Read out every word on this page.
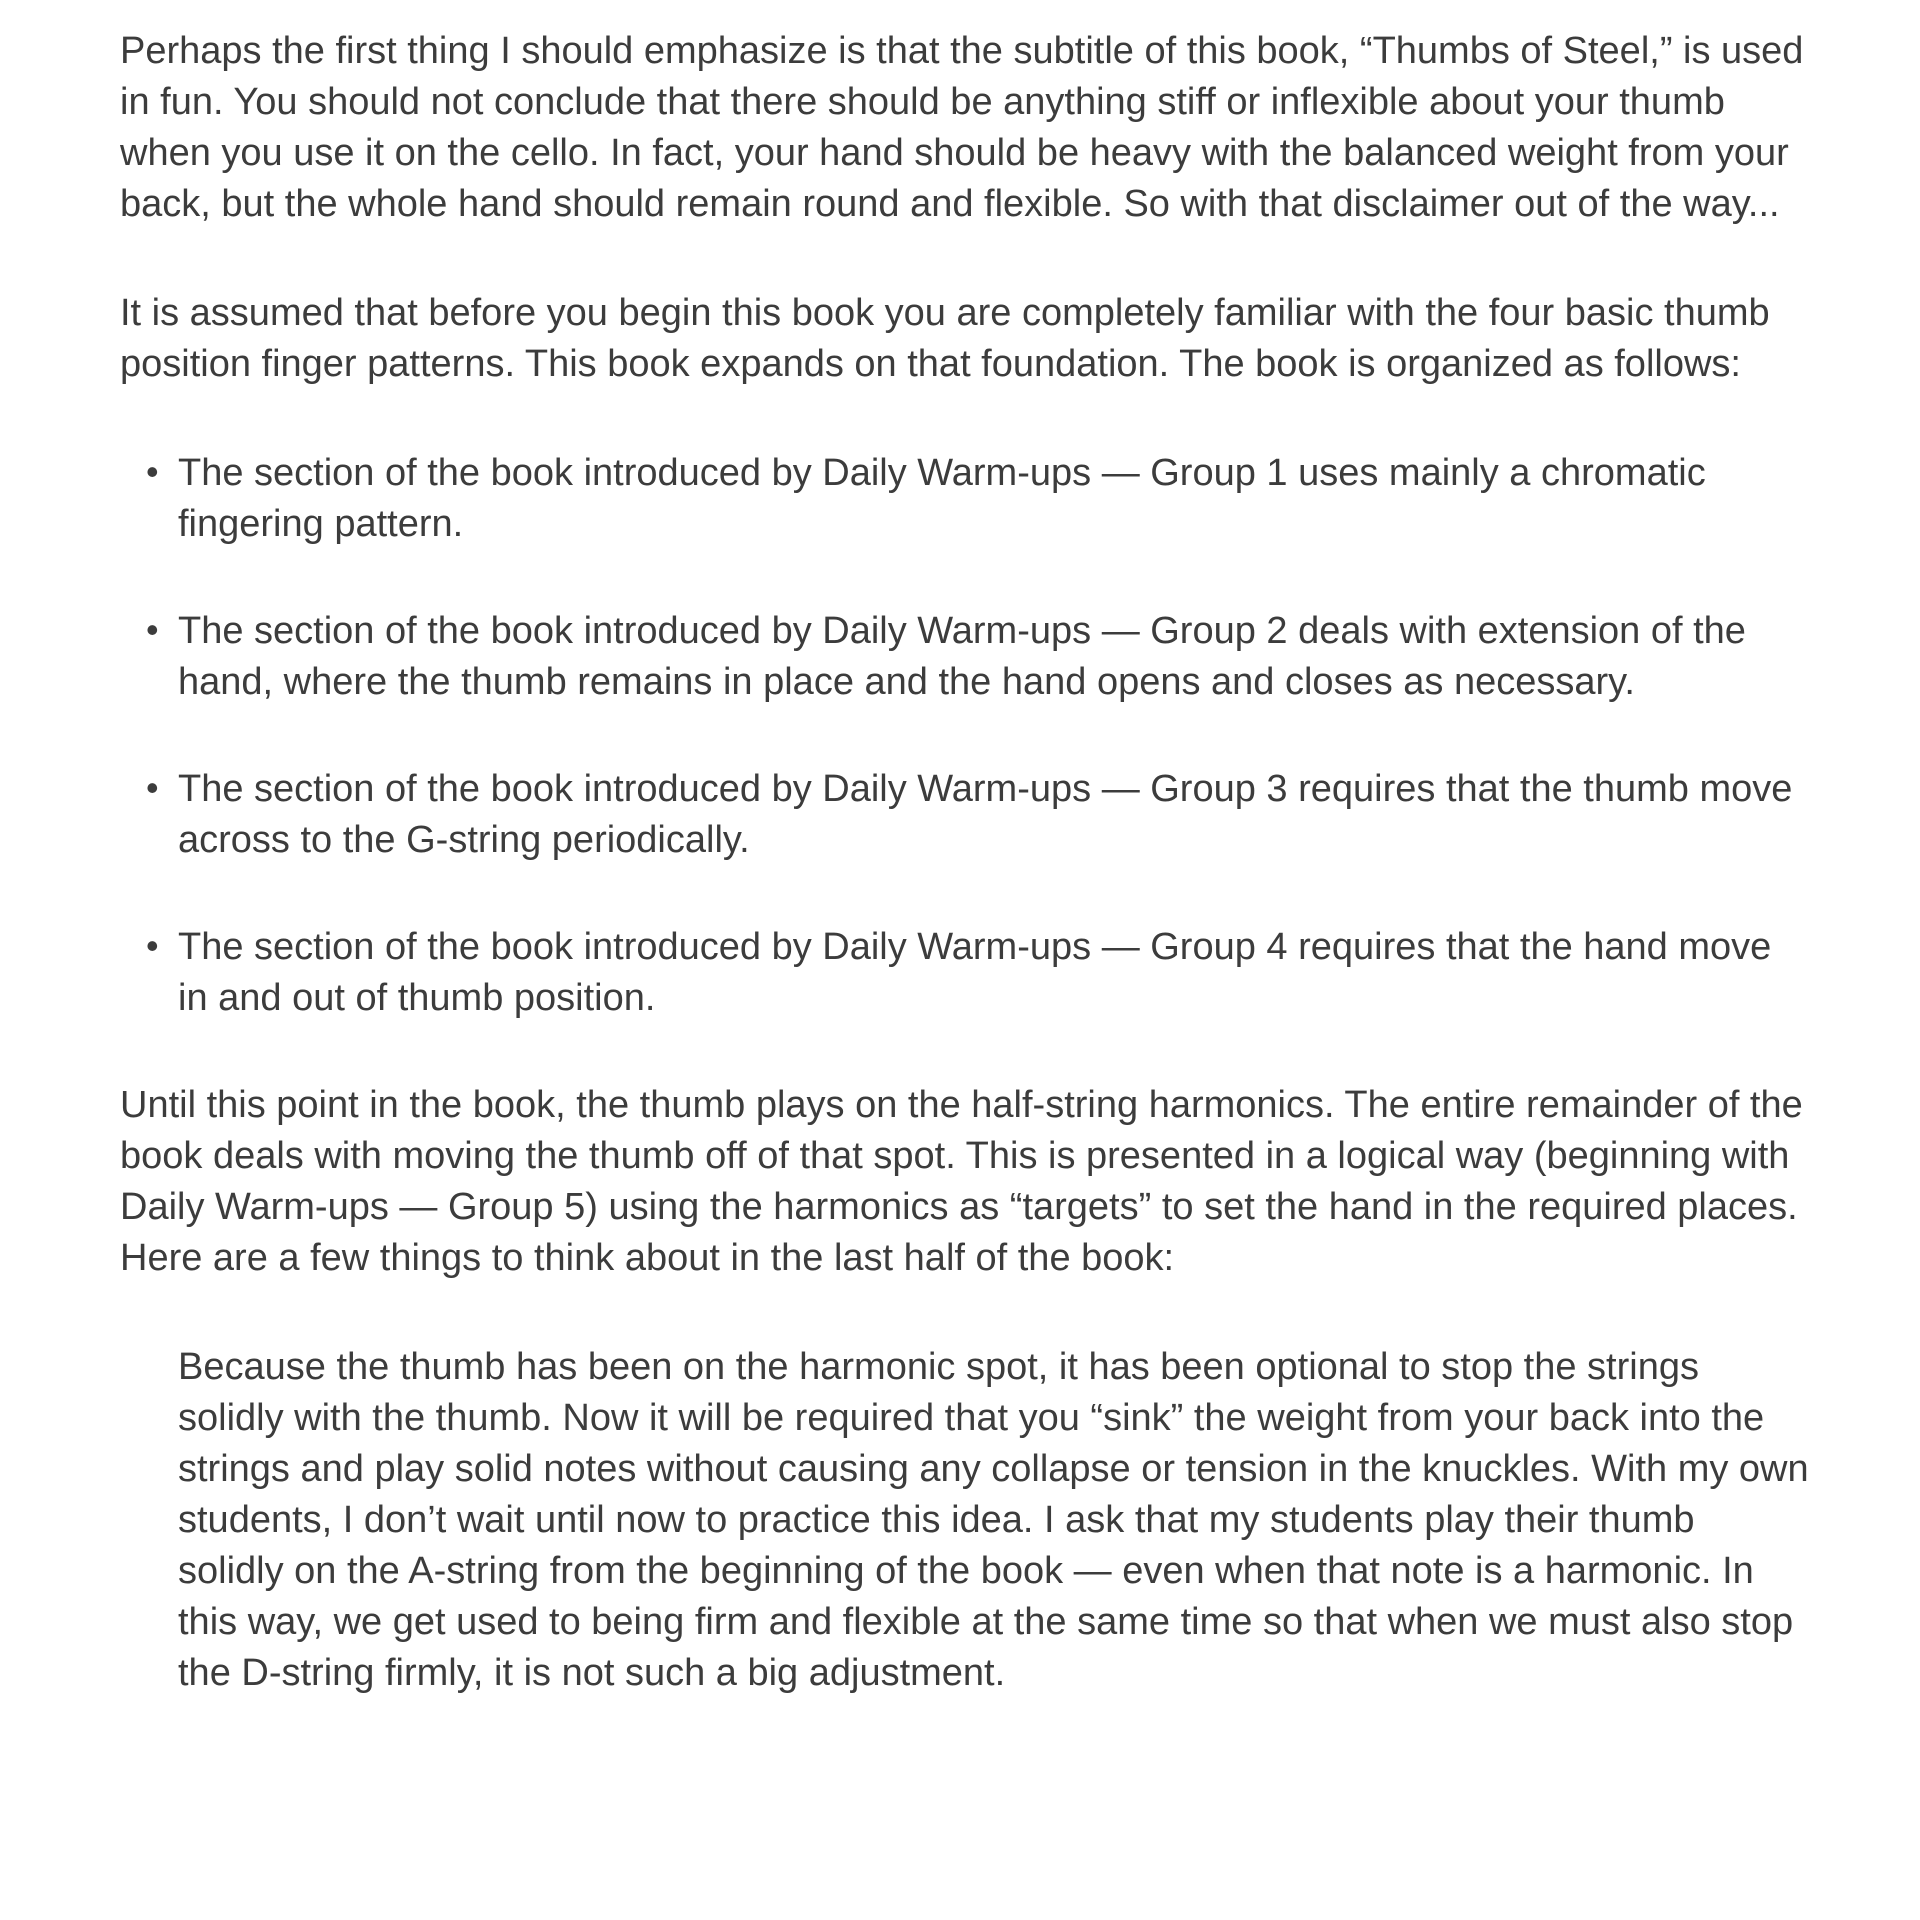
Perhaps the first thing I should emphasize is that the subtitle of this book, “Thumbs of Steel,” is used in fun. You should not conclude that there should be anything stiff or inflexible about your thumb when you use it on the cello. In fact, your hand should be heavy with the balanced weight from your back, but the whole hand should remain round and flexible. So with that disclaimer out of the way...

It is assumed that before you begin this book you are completely familiar with the four basic thumb position finger patterns. This book expands on that foundation. The book is organized as follows:

• The section of the book introduced by Daily Warm-ups — Group 1 uses mainly a chromatic fingering pattern.
• The section of the book introduced by Daily Warm-ups — Group 2 deals with extension of the hand, where the thumb remains in place and the hand opens and closes as necessary.
• The section of the book introduced by Daily Warm-ups — Group 3 requires that the thumb move across to the G-string periodically.
• The section of the book introduced by Daily Warm-ups — Group 4 requires that the hand move in and out of thumb position.

Until this point in the book, the thumb plays on the half-string harmonics. The entire remainder of the book deals with moving the thumb off of that spot. This is presented in a logical way (beginning with Daily Warm-ups — Group 5) using the harmonics as “targets” to set the hand in the required places. Here are a few things to think about in the last half of the book:

Because the thumb has been on the harmonic spot, it has been optional to stop the strings solidly with the thumb. Now it will be required that you “sink” the weight from your back into the strings and play solid notes without causing any collapse or tension in the knuckles. With my own students, I don’t wait until now to practice this idea. I ask that my students play their thumb solidly on the A-string from the beginning of the book — even when that note is a harmonic. In this way, we get used to being firm and flexible at the same time so that when we must also stop the D-string firmly, it is not such a big adjustment.
